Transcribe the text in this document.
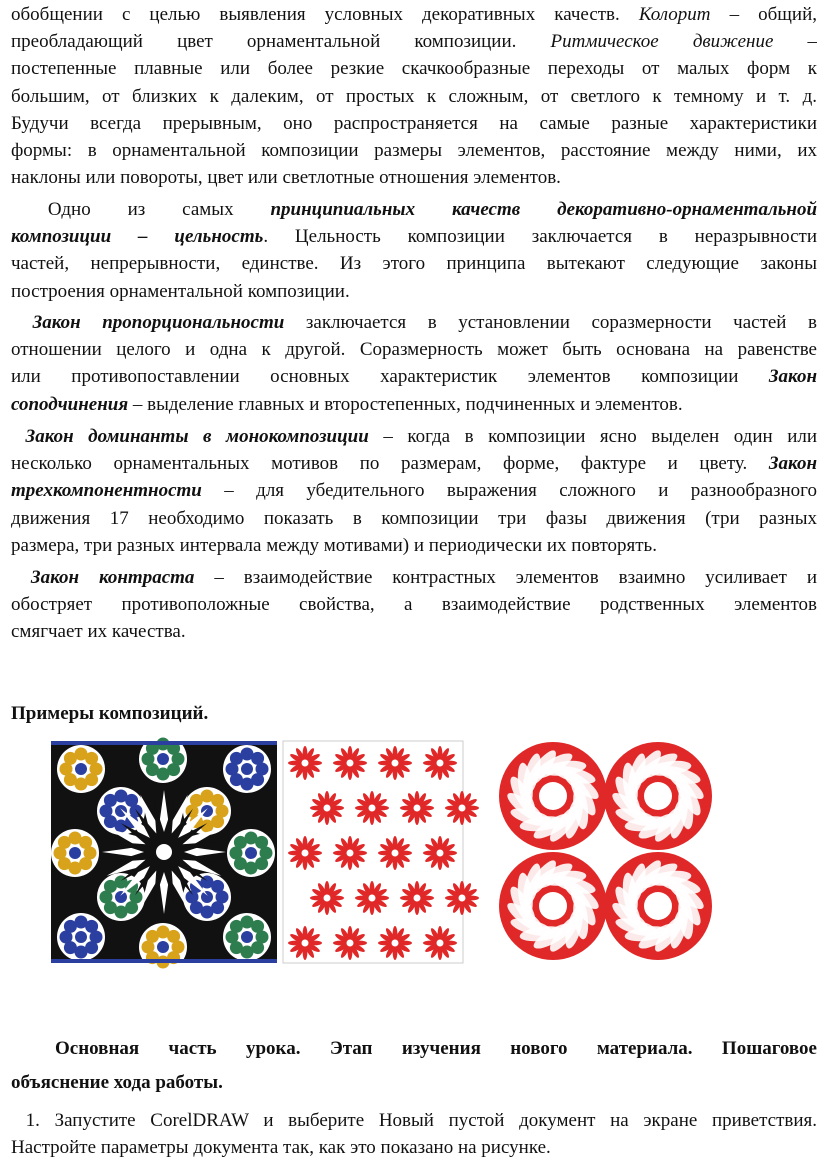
обобщении с целью выявления условных декоративных качеств. Колорит – общий,
преобладающий цвет орнаментальной композиции. Ритмическое движение –
постепенные плавные или более резкие скачкообразные переходы от малых форм к
большим, от близких к далеким, от простых к сложным, от светлого к темному и т. д.
Будучи всегда прерывным, оно распространяется на самые разные характеристики
формы: в орнаментальной композиции размеры элементов, расстояние между ними, их
наклоны или повороты, цвет или светлотные отношения элементов.

Одно из самых принципиальных качеств декоративно-орнаментальной
композиции – цельность. Цельность композиции заключается в неразрывности
частей, непрерывности, единстве. Из этого принципа вытекают следующие законы
построения орнаментальной композиции.

Закон пропорциональности заключается в установлении соразмерности частей в
отношении целого и одна к другой. Соразмерность может быть основана на равенстве
или противопоставлении основных характеристик элементов композиции Закон
соподчинения – выделение главных и второстепенных, подчиненных и элементов.

Закон доминанты в монокомпозиции – когда в композиции ясно выделен один или
несколько орнаментальных мотивов по размерам, форме, фактуре и цвету. Закон
трехкомпонентности – для убедительного выражения сложного и разнообразного
движения 17 необходимо показать в композиции три фазы движения (три разных
размера, три разных интервала между мотивами) и периодически их повторять.

Закон контраста – взаимодействие контрастных элементов взаимно усиливает и
обостряет противоположные свойства, а взаимодействие родственных элементов
смягчает их качества.

Примеры композиций.
Основная часть урока. Этап изучения нового материала. Пошаговое
объяснение хода работы.

1. Запустите CorelDRAW и выберите Новый пустой документ на экране приветствия.
Настройте параметры документа так, как это показано на рисунке.
